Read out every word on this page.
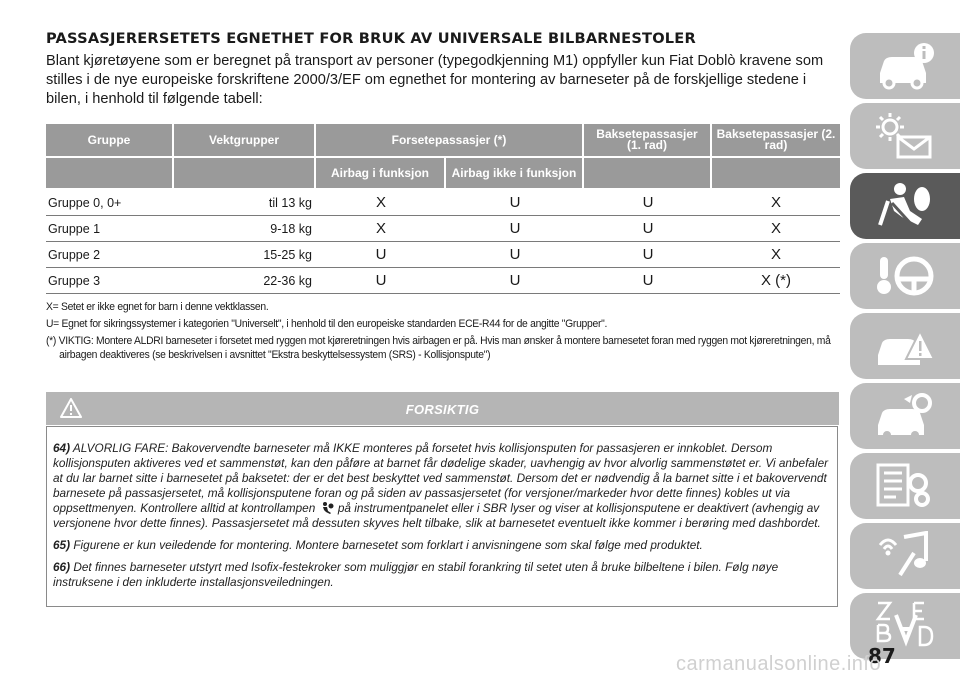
PASSASJERERSETETS EGNETHET FOR BRUK AV UNIVERSALE BILBARNESTOLER

Blant kjøretøyene som er beregnet på transport av personer (typegodkjenning M1) oppfyller kun Fiat Doblò kravene som stilles i de nye europeiske forskriftene 2000/3/EF om egnethet for montering av barneseter på de forskjellige stedene i bilen, i henhold til følgende tabell:

Gruppe	Vektgrupper	Forsetepassasjer (*)		Baksetepassasjer (1. rad)	Baksetepassasjer (2. rad)
		Airbag i funksjon	Airbag ikke i funksjon		
Gruppe 0, 0+	til 13 kg	X	U	U	X
Gruppe 1	9-18 kg	X	U	U	X
Gruppe 2	15-25 kg	U	U	U	X
Gruppe 3	22-36 kg	U	U	U	X (*)

X= Setet er ikke egnet for barn i denne vektklassen.

U= Egnet for sikringssystemer i kategorien "Universelt", i henhold til den europeiske standarden ECE-R44 for de angitte "Grupper".

(*) VIKTIG: Montere ALDRI barneseter i forsetet med ryggen mot kjøreretningen hvis airbagen er på. Hvis man ønsker å montere barnesetet foran med ryggen mot kjøreretningen, må airbagen deaktiveres (se beskrivelsen i avsnittet "Ekstra beskyttelsessystem (SRS) - Kollisjonspute")

FORSIKTIG

64) ALVORLIG FARE: Bakovervendte barneseter må IKKE monteres på forsetet hvis kollisjonsputen for passasjeren er innkoblet. Dersom kollisjonsputen aktiveres ved et sammenstøt, kan den påføre at barnet får dødelige skader, uavhengig av hvor alvorlig sammenstøtet er. Vi anbefaler at du lar barnet sitte i barnesetet på baksetet: der er det best beskyttet ved sammenstøt. Dersom det er nødvendig å la barnet sitte i et bakovervendt barnesete på passasjersetet, må kollisjonsputene foran og på siden av passasjersetet (for versjoner/markeder hvor dette finnes) kobles ut via oppsettmenyen. Kontrollere alltid at kontrollampen på instrumentpanelet eller i SBR lyser og viser at kollisjonsputene er deaktivert (avhengig av versjonene hvor dette finnes). Passasjersetet må dessuten skyves helt tilbake, slik at barnesetet eventuelt ikke kommer i berøring med dashbordet.

65) Figurene er kun veiledende for montering. Montere barnesetet som forklart i anvisningene som skal følge med produktet.

66) Det finnes barneseter utstyrt med Isofix-festekroker som muliggjør en stabil forankring til setet uten å bruke bilbeltene i bilen. Følg nøye instruksene i den inkluderte installasjonsveiledningen.

87
carmanualsonline.info
